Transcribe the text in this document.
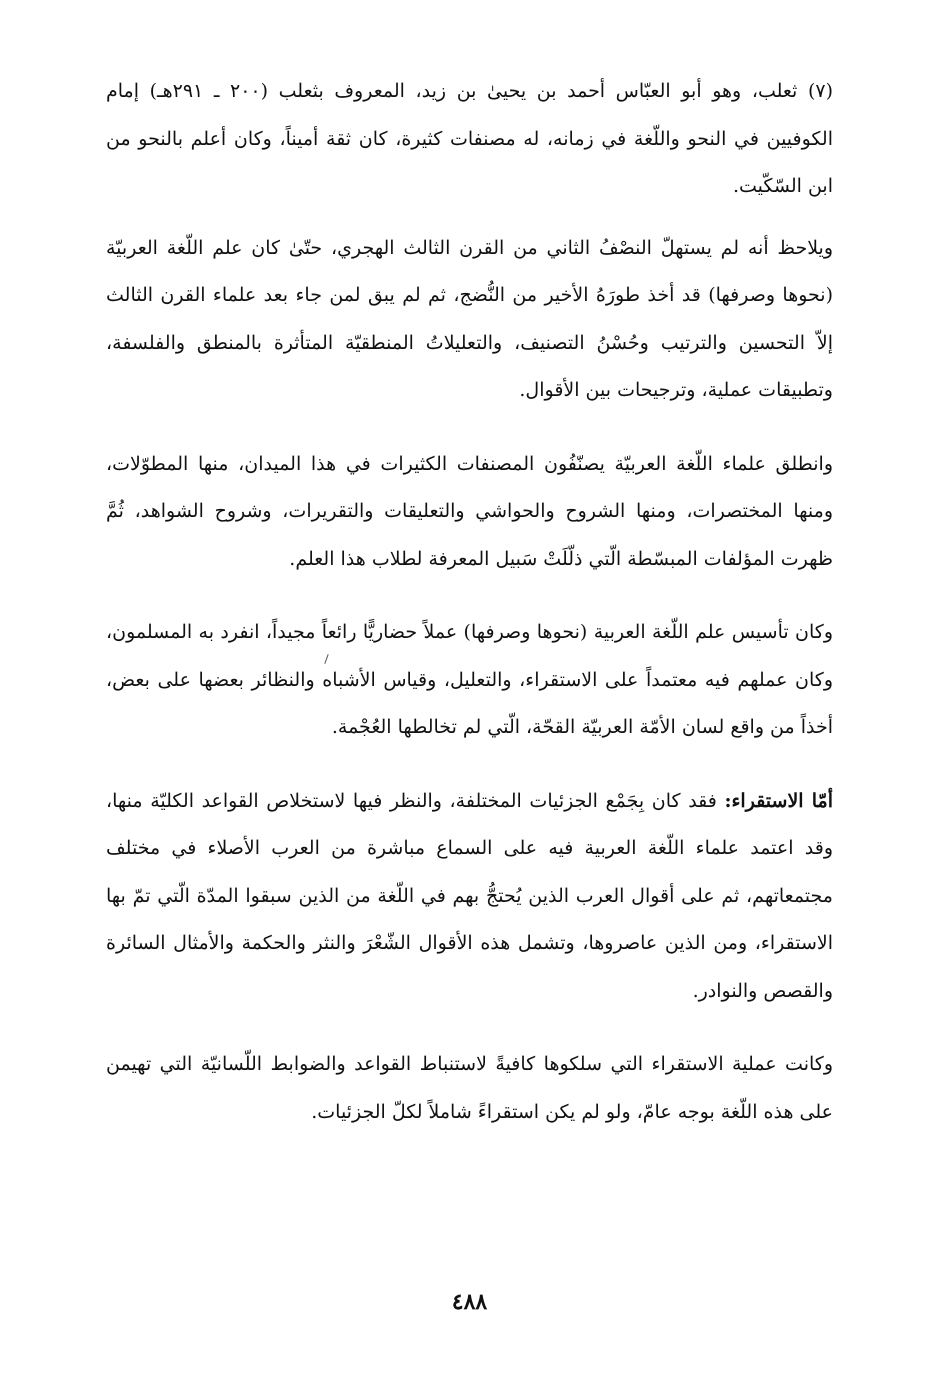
(٧) ثعلب، وهو أبو العبّاس أحمد بن يحيىٰ بن زيد، المعروف بثعلب (٢٠٠ ـ ٢٩١هـ) إمام الكوفيين في النحو واللّغة في زمانه، له مصنفات كثيرة، كان ثقة أميناً، وكان أعلم بالنحو من ابن السّكّيت.

ويلاحظ أنه لم يستهلّ النصْفُ الثاني من القرن الثالث الهجري، حتّىٰ كان علم اللّغة العربيّة (نحوها وصرفها) قد أخذ طورَهُ الأخير من النُّضج، ثم لم يبق لمن جاء بعد علماء القرن الثالث إلاّ التحسين والترتيب وحُسْنُ التصنيف، والتعليلاتُ المنطقيّة المتأثرة بالمنطق والفلسفة، وتطبيقات عملية، وترجيحات بين الأقوال.

وانطلق علماء اللّغة العربيّة يصنّفُون المصنفات الكثيرات في هذا الميدان، منها المطوّلات، ومنها المختصرات، ومنها الشروح والحواشي والتعليقات والتقريرات، وشروح الشواهد، ثُمَّ ظهرت المؤلفات المبسّطة الّتي ذلّلَتْ سَبيل المعرفة لطلاب هذا العلم.

وكان تأسيس علم اللّغة العربية (نحوها وصرفها) عملاً حضاريًّا رائعاً مجيداً، انفرد به المسلمون، وكان عملهم فيه معتمداً على الاستقراء، والتعليل، وقياس الأشباه والنظائر بعضها على بعض، أخذاً من واقع لسان الأمّة العربيّة القحّة، الّتي لم تخالطها العُجْمة.

أمّا الاستقراء: فقد كان بِجَمْع الجزئيات المختلفة، والنظر فيها لاستخلاص القواعد الكليّة منها، وقد اعتمد علماء اللّغة العربية فيه على السماع مباشرة من العرب الأصلاء في مختلف مجتمعاتهم، ثم على أقوال العرب الذين يُحتجُّ بهم في اللّغة من الذين سبقوا المدّة الّتي تمّ بها الاستقراء، ومن الذين عاصروها، وتشمل هذه الأقوال الشّعْرَ والنثر والحكمة والأمثال السائرة والقصص والنوادر.

وكانت عملية الاستقراء التي سلكوها كافيةً لاستنباط القواعد والضوابط اللّسانيّة التي تهيمن على هذه اللّغة بوجه عامّ، ولو لم يكن استقراءً شاملاً لكلّ الجزئيات.

٤٨٨
